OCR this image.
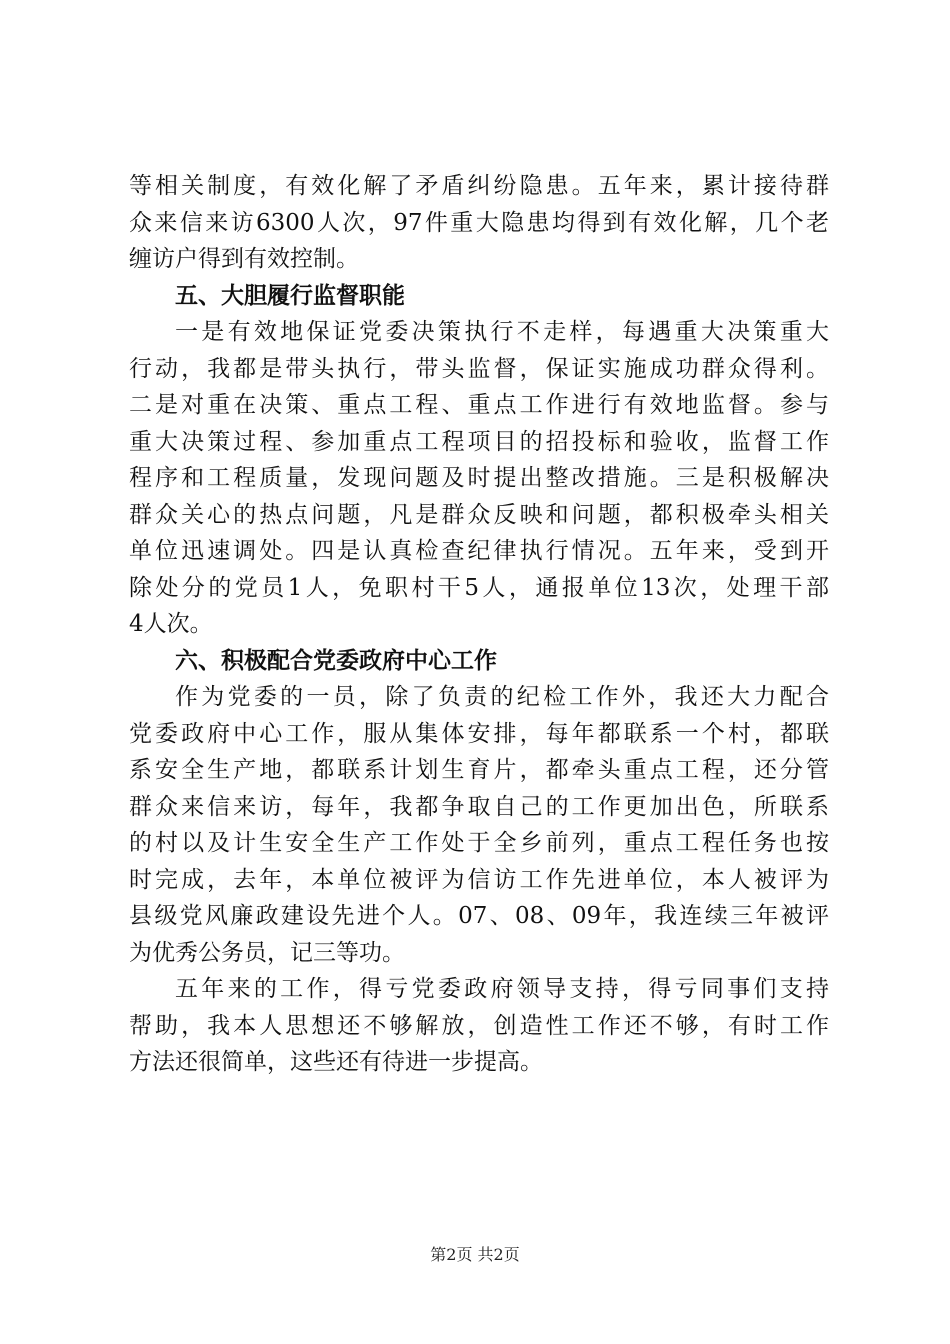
等相关制度，有效化解了矛盾纠纷隐患。五年来，累计接待群
众来信来访6300人次，97件重大隐患均得到有效化解，几个老
缠访户得到有效控制。
五、大胆履行监督职能
一是有效地保证党委决策执行不走样，每遇重大决策重大
行动，我都是带头执行，带头监督，保证实施成功群众得利。
二是对重在决策、重点工程、重点工作进行有效地监督。参与
重大决策过程、参加重点工程项目的招投标和验收，监督工作
程序和工程质量，发现问题及时提出整改措施。三是积极解决
群众关心的热点问题，凡是群众反映和问题，都积极牵头相关
单位迅速调处。四是认真检查纪律执行情况。五年来，受到开
除处分的党员1人，免职村干5人，通报单位13次，处理干部
4人次。
六、积极配合党委政府中心工作
作为党委的一员，除了负责的纪检工作外，我还大力配合
党委政府中心工作，服从集体安排，每年都联系一个村，都联
系安全生产地，都联系计划生育片，都牵头重点工程，还分管
群众来信来访，每年，我都争取自己的工作更加出色，所联系
的村以及计生安全生产工作处于全乡前列，重点工程任务也按
时完成，去年，本单位被评为信访工作先进单位，本人被评为
县级党风廉政建设先进个人。07、08、09年，我连续三年被评
为优秀公务员，记三等功。
五年来的工作，得亏党委政府领导支持，得亏同事们支持
帮助，我本人思想还不够解放，创造性工作还不够，有时工作
方法还很简单，这些还有待进一步提高。
第2页 共2页
